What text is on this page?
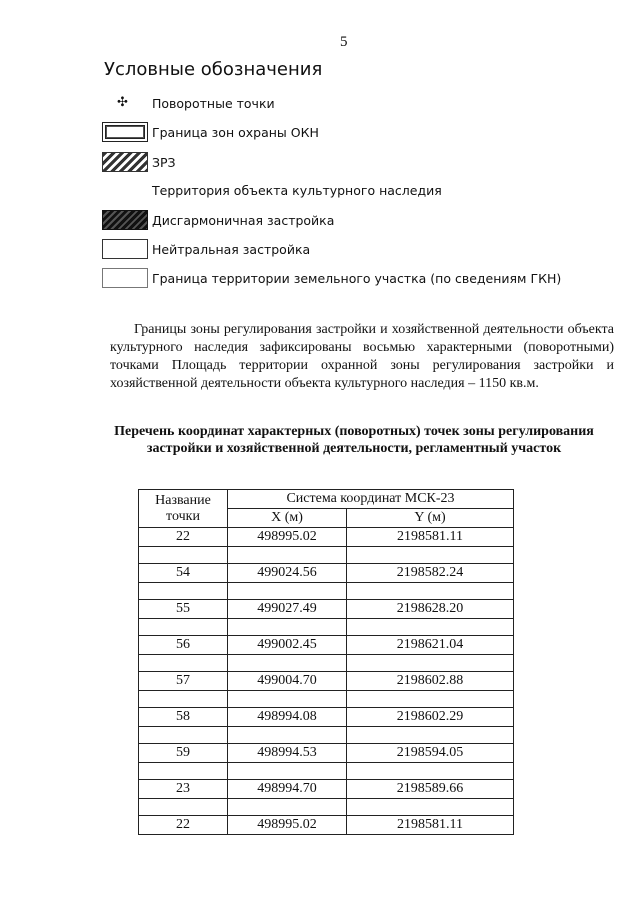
5
Условные обозначения
✣ Поворотные точки
Граница зон охраны ОКН
ЗРЗ
Территория объекта культурного наследия
Дисгармоничная застройка
Нейтральная застройка
Граница территории земельного участка (по сведениям ГКН)

Границы зоны регулирования застройки и хозяйственной деятельности объекта культурного наследия зафиксированы восьмью характерными (поворотными) точками Площадь территории охранной зоны регулирования застройки и хозяйственной деятельности объекта культурного наследия – 1150 кв.м.

Перечень координат характерных (поворотных) точек зоны регулирования застройки и хозяйственной деятельности, регламентный участок

Название точки	Система координат МСК-23	
	X (м)	Y (м)
22	498995.02	2198581.11

54	499024.56	2198582.24

55	499027.49	2198628.20

56	499002.45	2198621.04

57	499004.70	2198602.88

58	498994.08	2198602.29

59	498994.53	2198594.05

23	498994.70	2198589.66

22	498995.02	2198581.11
